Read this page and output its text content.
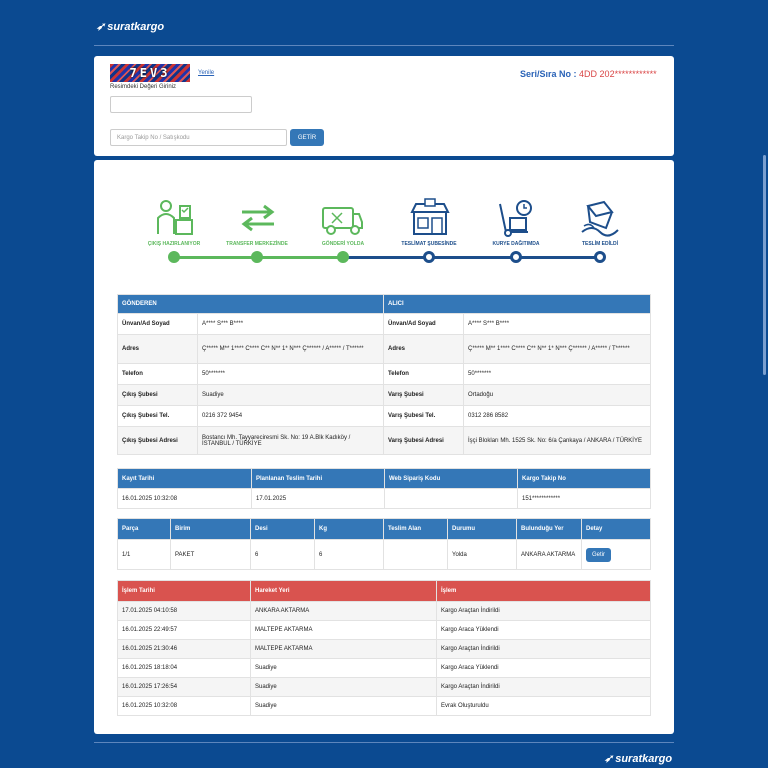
➶ suratkargo
7EV3	Yenile
Resimdeki Değeri Giriniz
Kargo Takip No / Satışkodu	GETİR
Seri/Sıra No : 4DD 202************
ÇIKIŞ HAZIRLANIYOR	TRANSFER MERKEZİNDE	GÖNDERİ YOLDA	TESLİMAT ŞUBESİNDE	KURYE DAĞITIMDA	TESLİM EDİLDİ
GÖNDEREN		ALICI	
Ünvan/Ad Soyad	A**** S*** B****	Ünvan/Ad Soyad	A**** S*** B****
Adres	Ç***** M** 1**** C**** C** N** 1* N*** Ç****** / A***** / T******	Adres	Ç***** M** 1**** C**** C** N** 1* N*** Ç****** / A***** / T******
Telefon	50*******	Telefon	50*******
Çıkış Şubesi	Suadiye	Varış Şubesi	Ortadoğu
Çıkış Şubesi Tel.	0216 372 9454	Varış Şubesi Tel.	0312 286 8582
Çıkış Şubesi Adresi	Bostancı Mh. Tayyareciresmi Sk. No: 19 A.Blk Kadıköy / İSTANBUL / TÜRKİYE	Varış Şubesi Adresi	İşçi Blokları Mh. 1525 Sk. No: 6/a Çankaya / ANKARA / TÜRKİYE
Kayıt Tarihi	Planlanan Teslim Tarihi	Web Sipariş Kodu	Kargo Takip No
16.01.2025 10:32:08	17.01.2025		151************
Parça	Birim	Desi	Kg	Teslim Alan	Durumu	Bulunduğu Yer	Detay
1/1	PAKET	6	6		Yolda	ANKARA AKTARMA	Getir
İşlem Tarihi	Hareket Yeri	İşlem
17.01.2025 04:10:58	ANKARA AKTARMA	Kargo Araçtan İndirildi
16.01.2025 22:49:57	MALTEPE AKTARMA	Kargo Araca Yüklendi
16.01.2025 21:30:46	MALTEPE AKTARMA	Kargo Araçtan İndirildi
16.01.2025 18:18:04	Suadiye	Kargo Araca Yüklendi
16.01.2025 17:26:54	Suadiye	Kargo Araçtan İndirildi
16.01.2025 10:32:08	Suadiye	Evrak Oluşturuldu
➶ suratkargo
